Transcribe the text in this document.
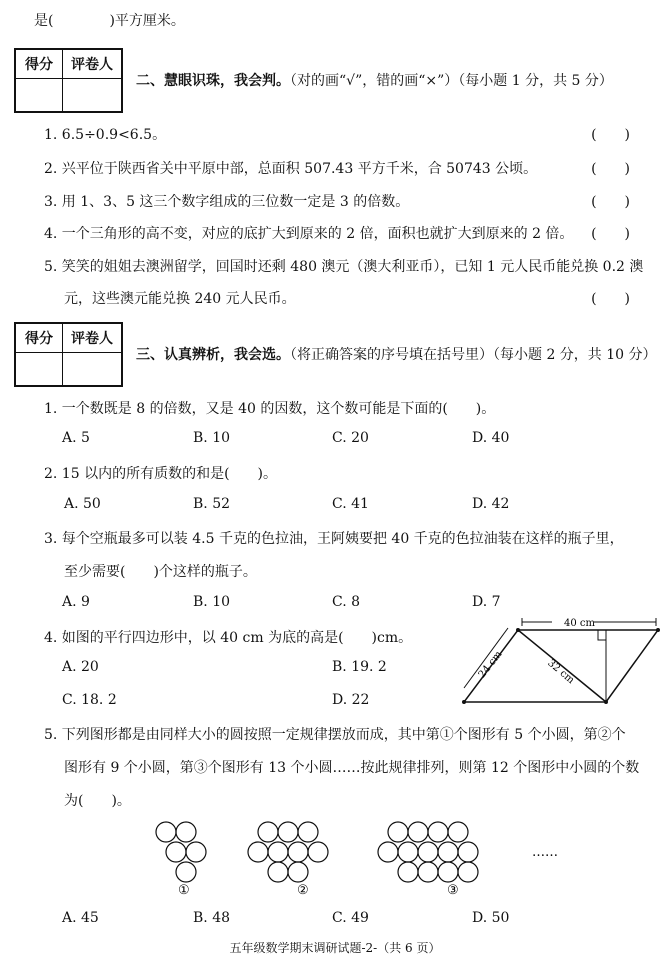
是(　　　　)平方厘米。
得分	评卷人

二、慧眼识珠，我会判。（对的画“√”，错的画“×”）（每小题 1 分，共 5 分）
1. 6.5÷0.9<6.5。	(　　)
2. 兴平位于陕西省关中平原中部，总面积 507.43 平方千米，合 50743 公顷。	(　　)
3. 用 1、3、5 这三个数字组成的三位数一定是 3 的倍数。	(　　)
4. 一个三角形的高不变，对应的底扩大到原来的 2 倍，面积也就扩大到原来的 2 倍。 (　　)
5. 笑笑的姐姐去澳洲留学，回国时还剩 480 澳元（澳大利亚币），已知 1 元人民币能兑换 0.2 澳
元，这些澳元能兑换 240 元人民币。	(　　)
得分	评卷人

三、认真辨析，我会选。（将正确答案的序号填在括号里）（每小题 2 分，共 10 分）
1. 一个数既是 8 的倍数，又是 40 的因数，这个数可能是下面的(　　)。
A. 5	B. 10	C. 20	D. 40
2. 15 以内的所有质数的和是(　　)。
A. 50	B. 52	C. 41	D. 42
3. 每个空瓶最多可以装 4.5 千克的色拉油，王阿姨要把 40 千克的色拉油装在这样的瓶子里，
至少需要(　　)个这样的瓶子。
A. 9	B. 10	C. 8	D. 7
4. 如图的平行四边形中，以 40 cm 为底的高是(　　)cm。
A. 20	B. 19. 2
C. 18. 2	D. 22
40 cm
24 cm	32 cm
5. 下列图形都是由同样大小的圆按照一定规律摆放而成，其中第①个图形有 5 个小圆，第②个
图形有 9 个小圆，第③个图形有 13 个小圆……按此规律排列，则第 12 个图形中小圆的个数
为(　　)。
①	②	③
……
A. 45	B. 48	C. 49	D. 50
五年级数学期末调研试题-2-（共 6 页）
